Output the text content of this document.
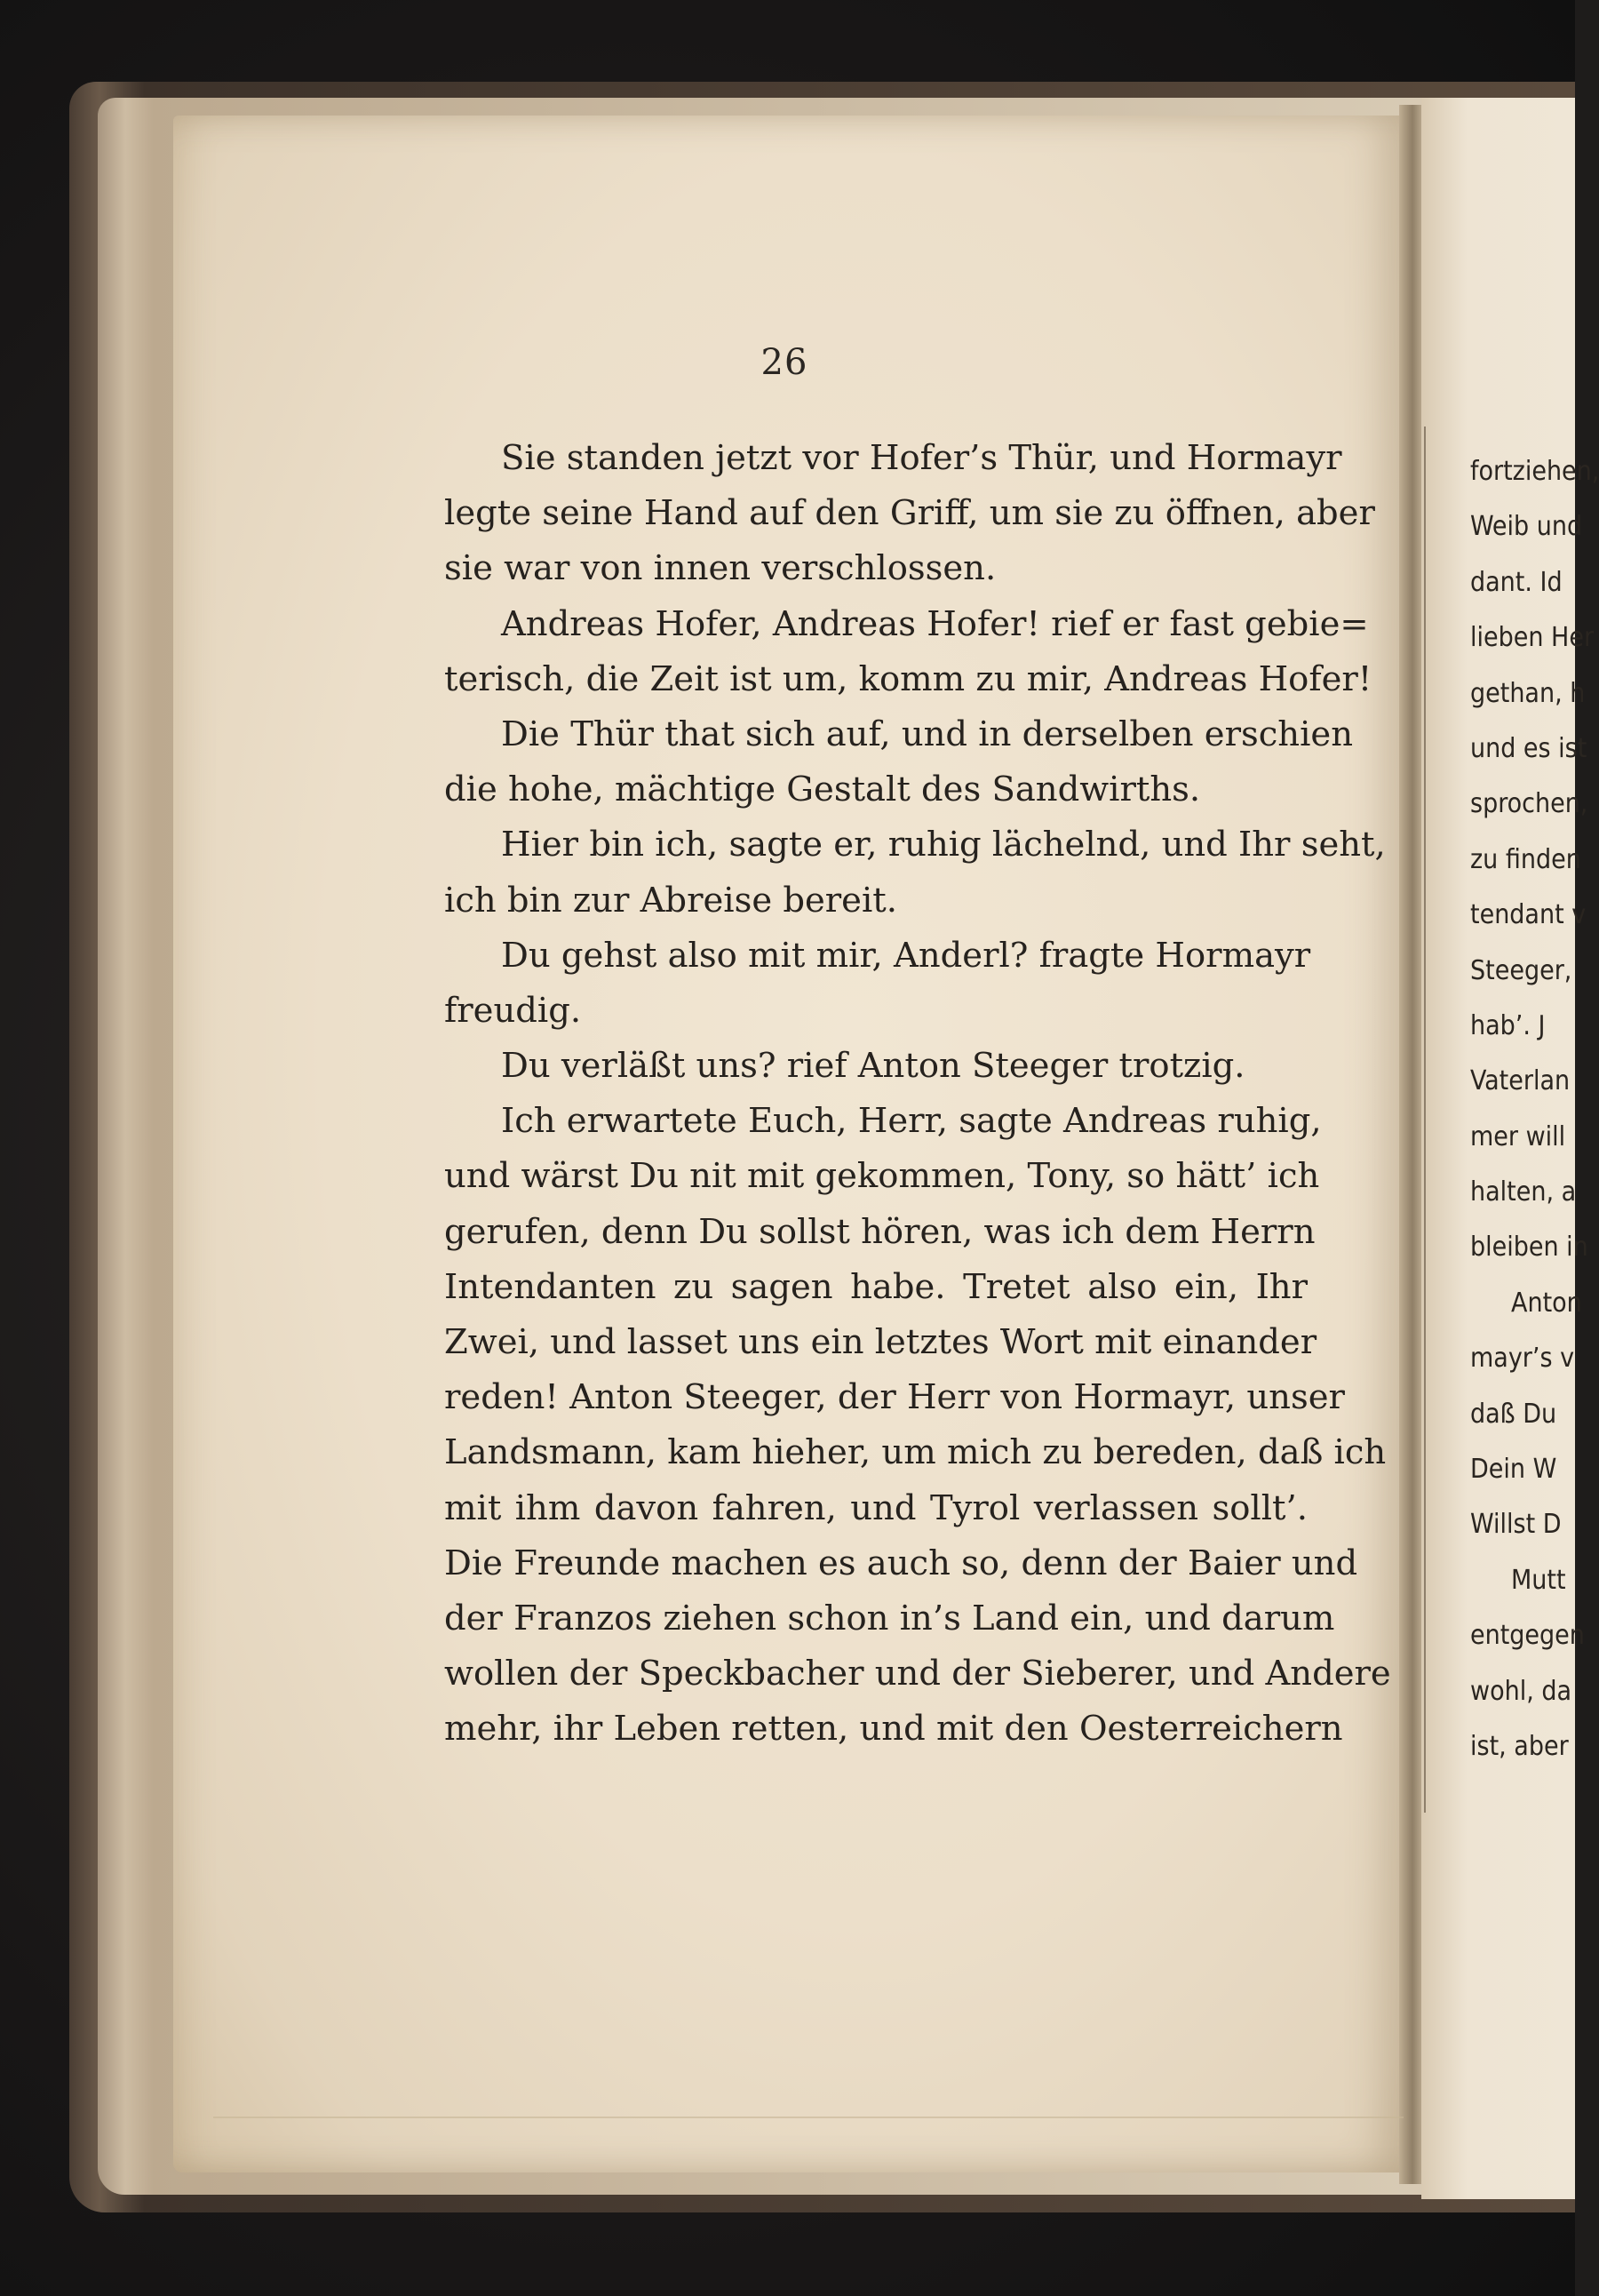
26
Sie standen jetzt vor Hofer’s Thür, und Hormayr
legte seine Hand auf den Griff, um sie zu öffnen, aber
sie war von innen verschlossen.
Andreas Hofer, Andreas Hofer! rief er fast gebie=
terisch, die Zeit ist um, komm zu mir, Andreas Hofer!
Die Thür that sich auf, und in derselben erschien
die hohe, mächtige Gestalt des Sandwirths.
Hier bin ich, sagte er, ruhig lächelnd, und Ihr seht,
ich bin zur Abreise bereit.
Du gehst also mit mir, Anderl? fragte Hormayr
freudig.
Du verläßt uns? rief Anton Steeger trotzig.
Ich erwartete Euch, Herr, sagte Andreas ruhig,
und wärst Du nit mit gekommen, Tony, so hätt’ ich
gerufen, denn Du sollst hören, was ich dem Herrn
Intendanten zu sagen habe. Tretet also ein, Ihr
Zwei, und lasset uns ein letztes Wort mit einander
reden! Anton Steeger, der Herr von Hormayr, unser
Landsmann, kam hieher, um mich zu bereden, daß ich
mit ihm davon fahren, und Tyrol verlassen sollt’.
Die Freunde machen es auch so, denn der Baier und
der Franzos ziehen schon in’s Land ein, und darum
wollen der Speckbacher und der Sieberer, und Andere
mehr, ihr Leben retten, und mit den Oesterreichern
fortziehen,
Weib und
dant. Id
lieben Her
gethan, h
und es ist
sprochen,
zu finden
tendant v
Steeger,
hab’. J
Vaterlan
mer will
halten, a
bleiben in
Anton
mayr’s v
daß Du
Dein W
Willst D
Mutt
entgegen
wohl, da
ist, aber
